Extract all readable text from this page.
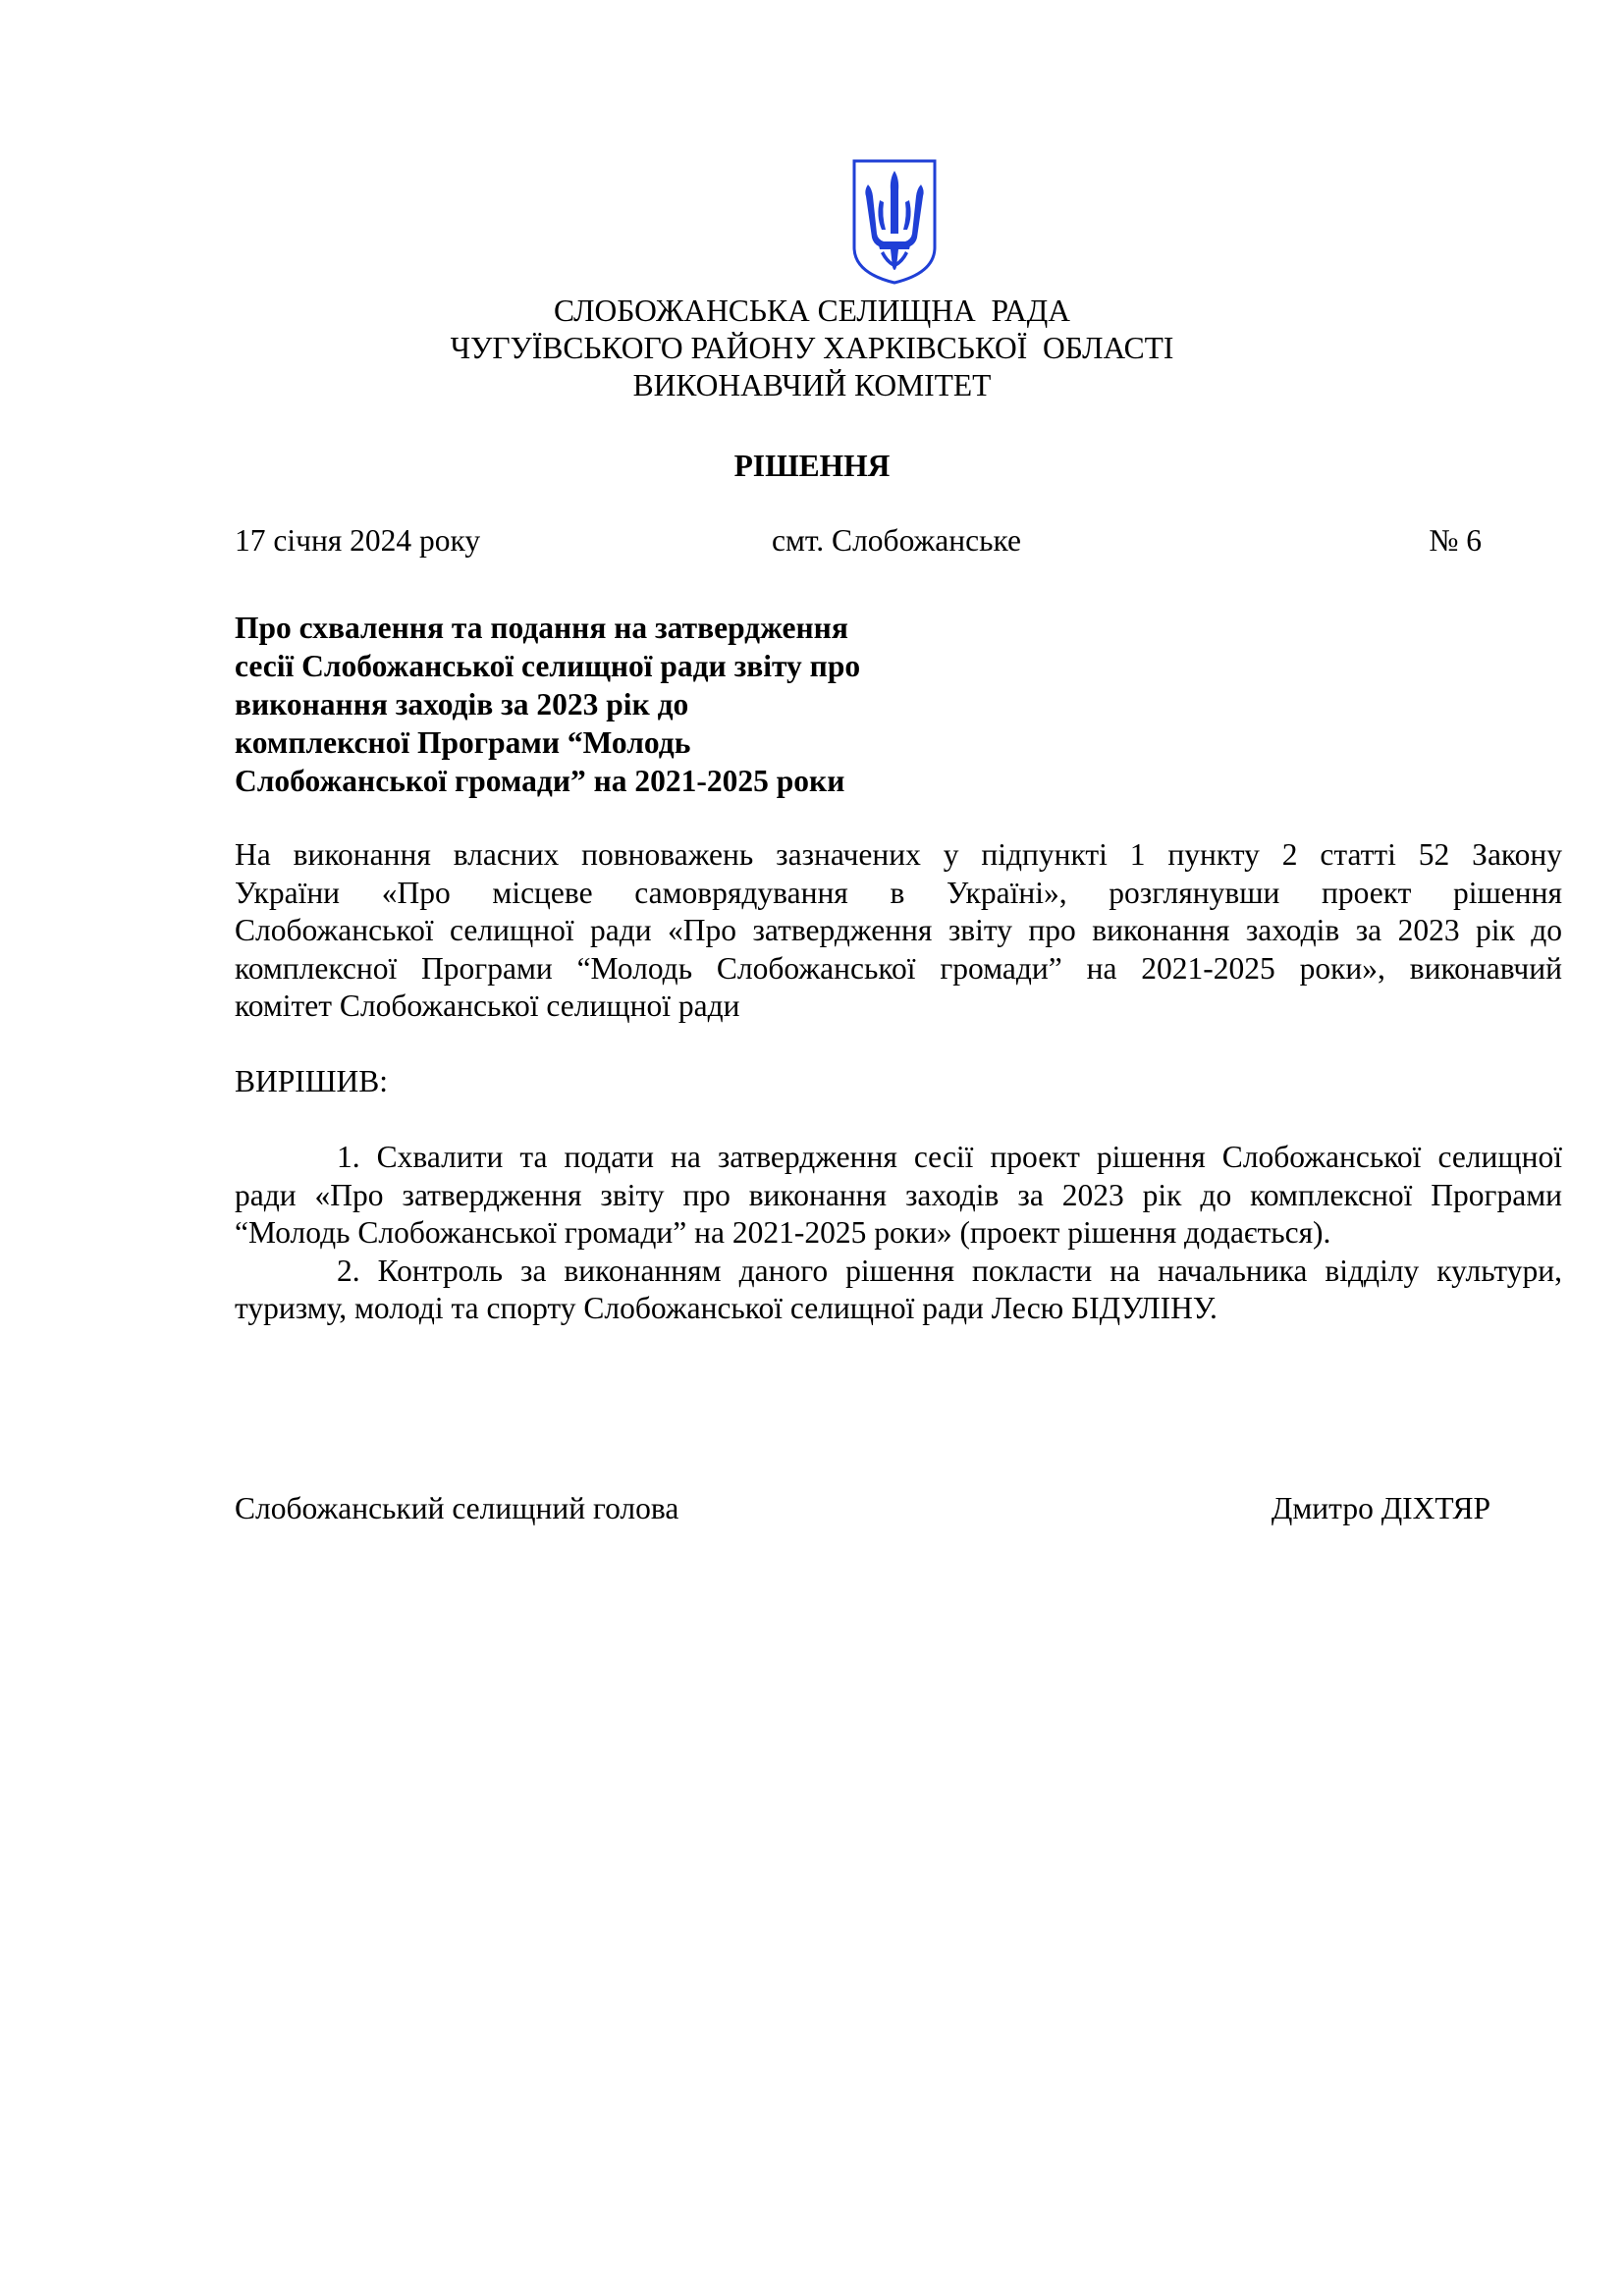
СЛОБОЖАНСЬКА СЕЛИЩНА  РАДА
ЧУГУЇВСЬКОГО РАЙОНУ ХАРКІВСЬКОЇ  ОБЛАСТІ
ВИКОНАВЧИЙ КОМІТЕТ
РІШЕННЯ
17 січня 2024 року	смт. Слобожанське	№ 6
Про схвалення та подання на затвердження
сесії Слобожанської селищної ради звіту про
виконання заходів за 2023 рік до
комплексної Програми “Молодь
Слобожанської громади” на 2021-2025 роки
На виконання власних повноважень зазначених у підпункті 1 пункту 2 статті 52 Закону
України «Про місцеве самоврядування в Україні», розглянувши проект рішення
Слобожанської селищної ради «Про затвердження звіту про виконання заходів за 2023 рік до
комплексної Програми “Молодь Слобожанської громади” на 2021-2025 роки», виконавчий
комітет Слобожанської селищної ради
ВИРІШИВ:
1. Схвалити та подати на затвердження сесії проект рішення Слобожанської селищної
ради «Про затвердження звіту про виконання заходів за 2023 рік до комплексної Програми
“Молодь Слобожанської громади” на 2021-2025 роки» (проект рішення додається).
2. Контроль за виконанням даного рішення покласти на начальника відділу культури,
туризму, молоді та спорту Слобожанської селищної ради Лесю БІДУЛІНУ.
Слобожанський селищний голова	Дмитро ДІХТЯР
